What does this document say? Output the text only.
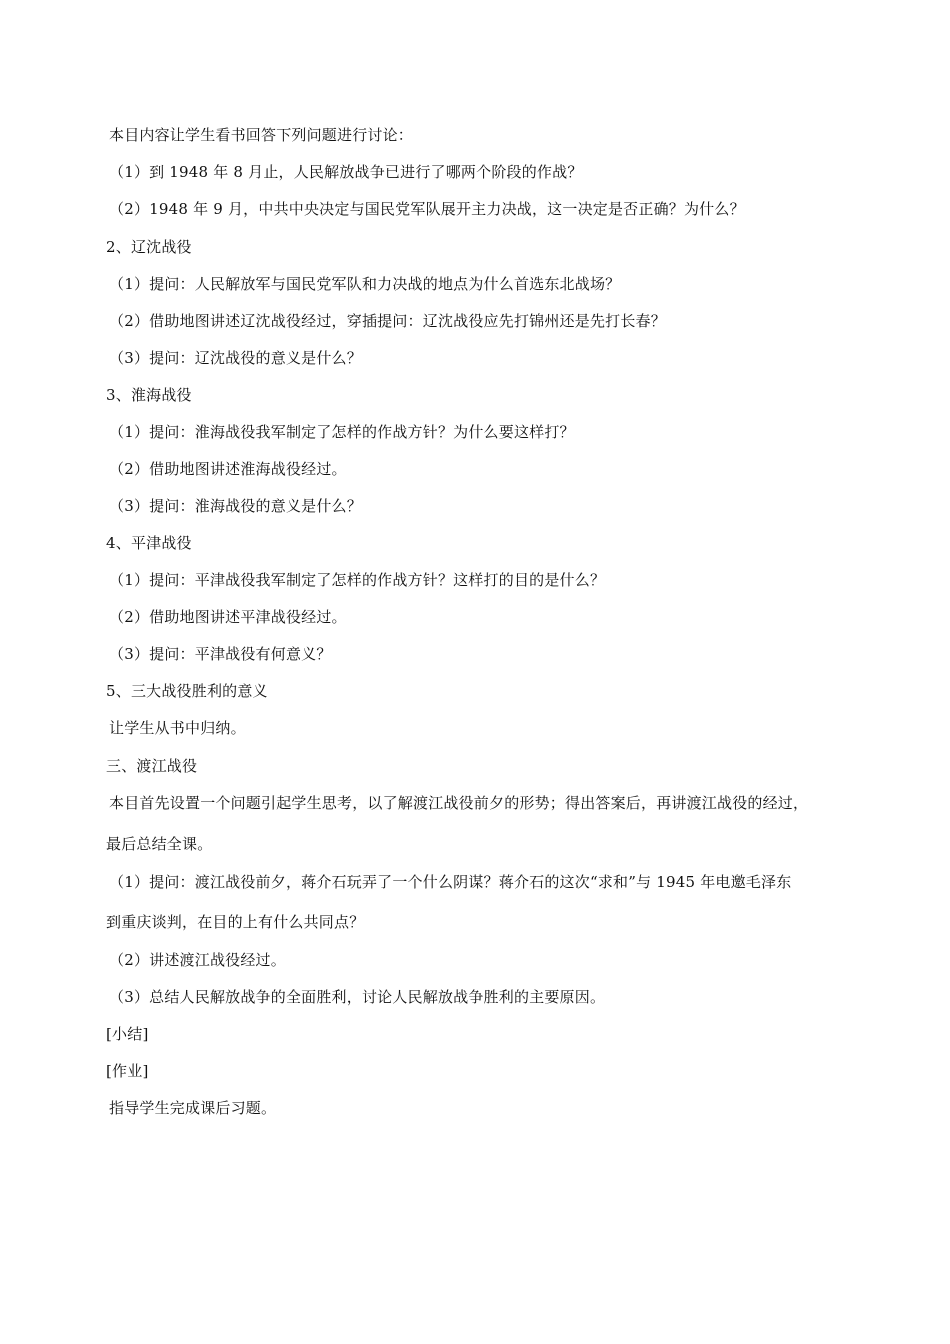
本目内容让学生看书回答下列问题进行讨论：
（1）到 1948 年 8 月止，人民解放战争已进行了哪两个阶段的作战？
（2）1948 年 9 月，中共中央决定与国民党军队展开主力决战，这一决定是否正确？为什么？
2、辽沈战役
（1）提问：人民解放军与国民党军队和力决战的地点为什么首选东北战场？
（2）借助地图讲述辽沈战役经过，穿插提问：辽沈战役应先打锦州还是先打长春？
（3）提问：辽沈战役的意义是什么？
3、淮海战役
（1）提问：淮海战役我军制定了怎样的作战方针？为什么要这样打？
（2）借助地图讲述淮海战役经过。
（3）提问：淮海战役的意义是什么？
4、平津战役
（1）提问：平津战役我军制定了怎样的作战方针？这样打的目的是什么？
（2）借助地图讲述平津战役经过。
（3）提问：平津战役有何意义？
5、三大战役胜利的意义
让学生从书中归纳。
三、渡江战役
本目首先设置一个问题引起学生思考，以了解渡江战役前夕的形势；得出答案后，再讲渡江战役的经过，
最后总结全课。
（1）提问：渡江战役前夕，蒋介石玩弄了一个什么阴谋？蒋介石的这次“求和”与 1945 年电邀毛泽东
到重庆谈判，在目的上有什么共同点？
（2）讲述渡江战役经过。
（3）总结人民解放战争的全面胜利，讨论人民解放战争胜利的主要原因。
[小结]
[作业]
指导学生完成课后习题。
